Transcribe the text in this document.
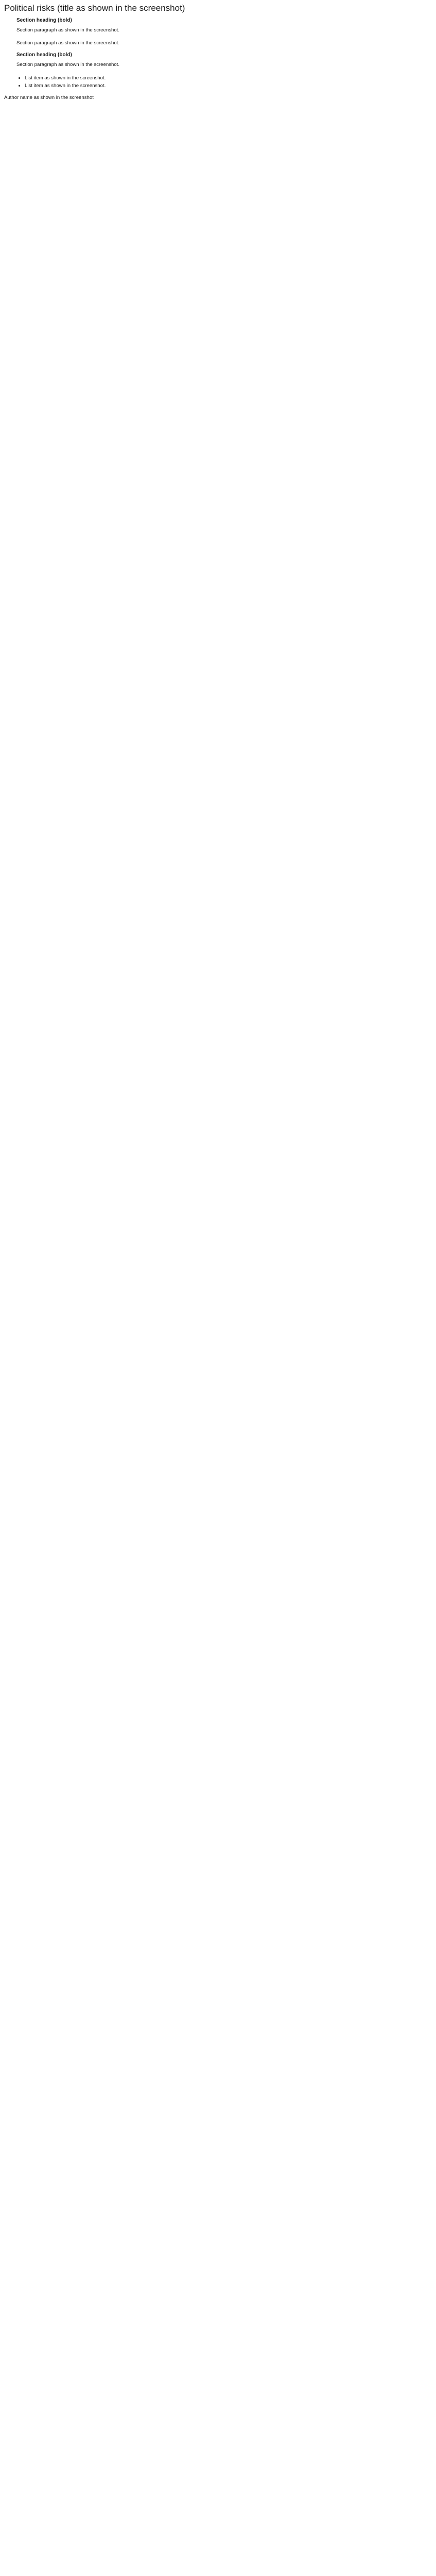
Political risks (title as shown in the screenshot)
Section heading (bold)

Section paragraph as shown in the screenshot.

Section paragraph as shown in the screenshot.

Section heading (bold)

Section paragraph as shown in the screenshot.

• List item as shown in the screenshot.
• List item as shown in the screenshot.
Author name as shown in the screenshot
